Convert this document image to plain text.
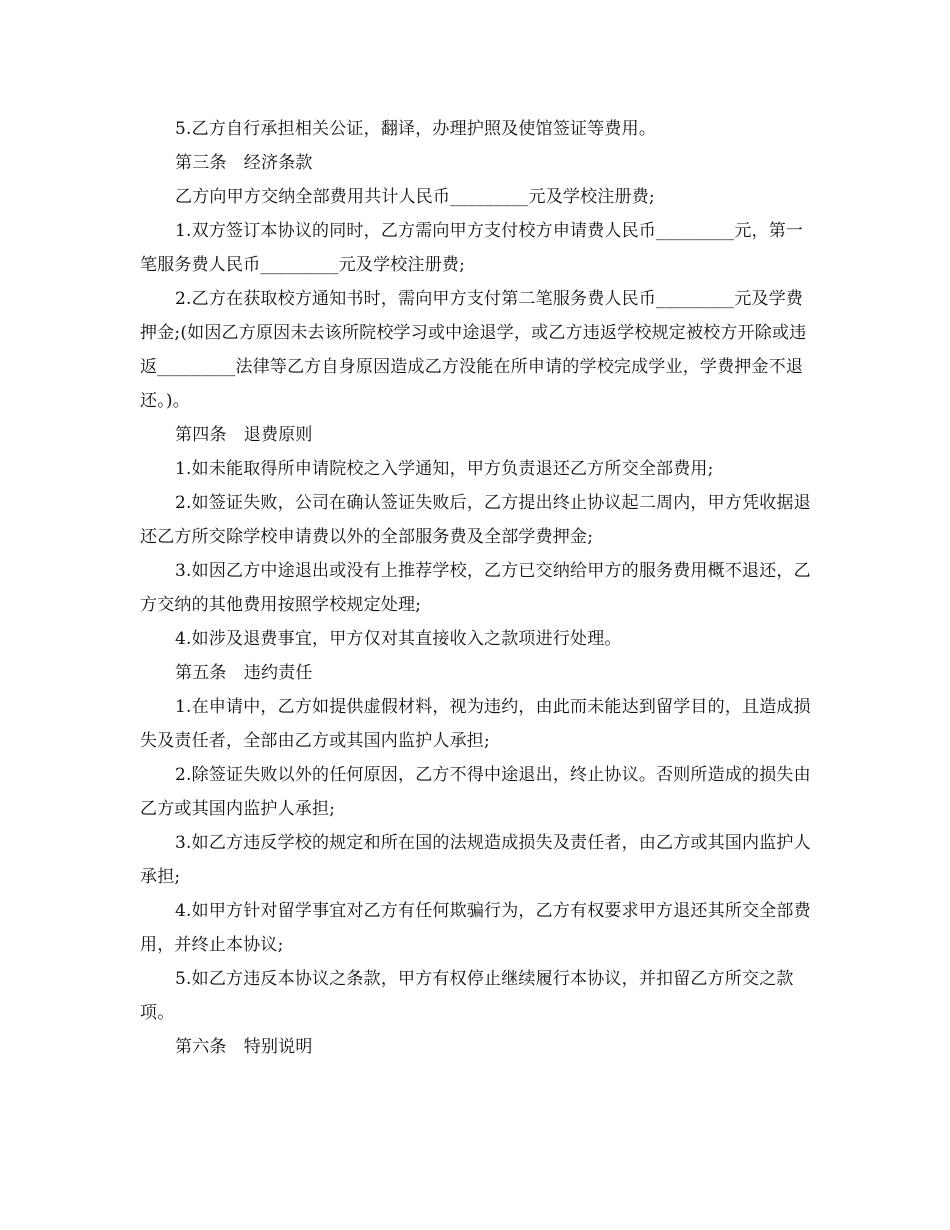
5.乙方自行承担相关公证，翻译，办理护照及使馆签证等费用。
第三条　经济条款
乙方向甲方交纳全部费用共计人民币_________元及学校注册费;
1.双方签订本协议的同时，乙方需向甲方支付校方申请费人民币_________元，第一笔服务费人民币_________元及学校注册费;
2.乙方在获取校方通知书时，需向甲方支付第二笔服务费人民币_________元及学费押金;(如因乙方原因未去该所院校学习或中途退学，或乙方违返学校规定被校方开除或违返_________法律等乙方自身原因造成乙方没能在所申请的学校完成学业，学费押金不退还。)。
第四条　退费原则
1.如未能取得所申请院校之入学通知，甲方负责退还乙方所交全部费用;
2.如签证失败，公司在确认签证失败后，乙方提出终止协议起二周内，甲方凭收据退还乙方所交除学校申请费以外的全部服务费及全部学费押金;
3.如因乙方中途退出或没有上推荐学校，乙方已交纳给甲方的服务费用概不退还，乙方交纳的其他费用按照学校规定处理;
4.如涉及退费事宜，甲方仅对其直接收入之款项进行处理。
第五条　违约责任
1.在申请中，乙方如提供虚假材料，视为违约，由此而未能达到留学目的，且造成损失及责任者，全部由乙方或其国内监护人承担;
2.除签证失败以外的任何原因，乙方不得中途退出，终止协议。否则所造成的损失由乙方或其国内监护人承担;
3.如乙方违反学校的规定和所在国的法规造成损失及责任者，由乙方或其国内监护人承担;
4.如甲方针对留学事宜对乙方有任何欺骗行为，乙方有权要求甲方退还其所交全部费用，并终止本协议;
5.如乙方违反本协议之条款，甲方有权停止继续履行本协议，并扣留乙方所交之款项。
第六条　特别说明
